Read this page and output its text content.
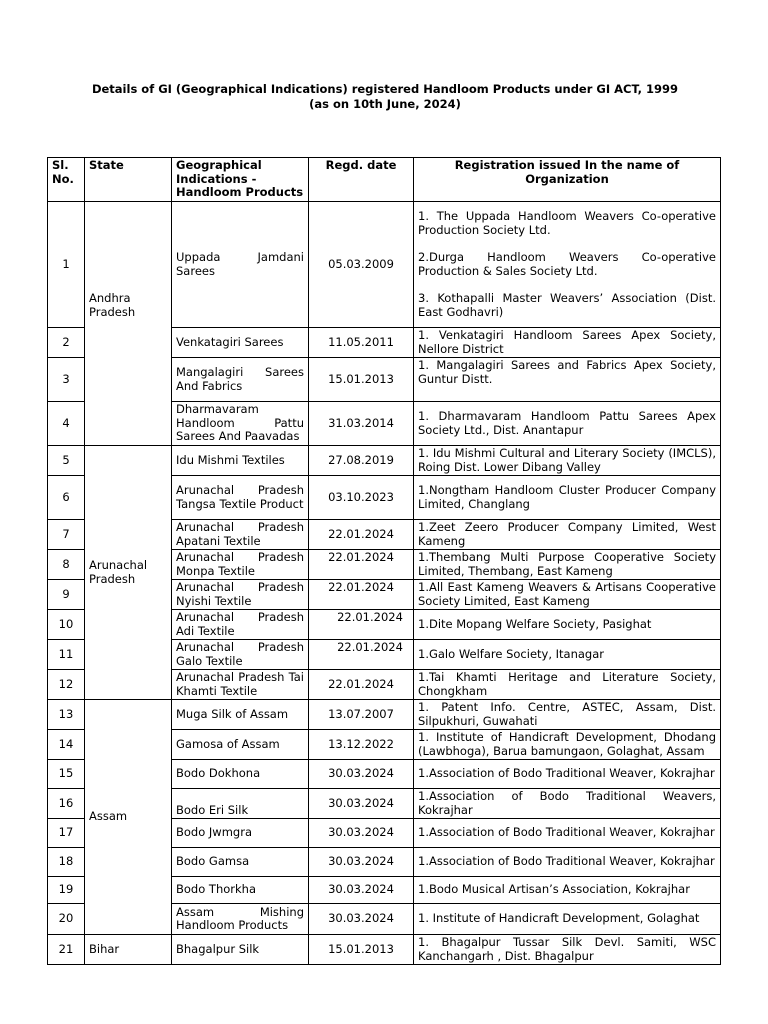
Details of GI (Geographical Indications) registered Handloom Products under GI ACT, 1999
(as on 10th June, 2024)
Sl. No.	State	Geographical Indications - Handloom Products	Regd. date	Registration issued In the name of Organization
1	Andhra Pradesh	Uppada Jamdani Sarees	05.03.2009	1. The Uppada Handloom Weavers Co-operative Production Society Ltd.

2.Durga Handloom Weavers Co-operative Production & Sales Society Ltd.

3. Kothapalli Master Weavers’ Association (Dist. East Godhavri)

2		Venkatagiri Sarees	11.05.2011	1. Venkatagiri Handloom Sarees Apex Society, Nellore District
3		Mangalagiri Sarees And Fabrics	15.01.2013	1. Mangalagiri Sarees and Fabrics Apex Society, Guntur Distt.
4		Dharmavaram Handloom Pattu Sarees And Paavadas	31.03.2014	1. Dharmavaram Handloom Pattu Sarees Apex Society Ltd., Dist. Anantapur
5	Arunachal Pradesh	Idu Mishmi Textiles	27.08.2019	1. Idu Mishmi Cultural and Literary Society (IMCLS), Roing Dist. Lower Dibang Valley
6		Arunachal Pradesh Tangsa Textile Product	03.10.2023	1.Nongtham Handloom Cluster Producer Company Limited, Changlang
7		Arunachal Pradesh Apatani Textile	22.01.2024	1.Zeet Zeero Producer Company Limited, West Kameng
8		Arunachal Pradesh Monpa Textile	22.01.2024	1.Thembang Multi Purpose Cooperative Society Limited, Thembang, East Kameng
9		Arunachal Pradesh Nyishi Textile	22.01.2024	1.All East Kameng Weavers & Artisans Cooperative Society Limited, East Kameng
10		Arunachal Pradesh Adi Textile	22.01.2024	1.Dite Mopang Welfare Society, Pasighat
11		Arunachal Pradesh Galo Textile	22.01.2024	1.Galo Welfare Society, Itanagar
12		Arunachal Pradesh Tai Khamti Textile	22.01.2024	1.Tai Khamti Heritage and Literature Society, Chongkham
13	Assam	Muga Silk of Assam	13.07.2007	1. Patent Info. Centre, ASTEC, Assam, Dist. Silpukhuri, Guwahati
14		Gamosa of Assam	13.12.2022	1. Institute of Handicraft Development, Dhodang (Lawbhoga), Barua bamungaon, Golaghat, Assam
15		Bodo Dokhona	30.03.2024	1.Association of Bodo Traditional Weaver, Kokrajhar
16		Bodo Eri Silk	30.03.2024	1.Association of Bodo Traditional Weavers, Kokrajhar
17		Bodo Jwmgra	30.03.2024	1.Association of Bodo Traditional Weaver, Kokrajhar
18		Bodo Gamsa	30.03.2024	1.Association of Bodo Traditional Weaver, Kokrajhar
19		Bodo Thorkha	30.03.2024	1.Bodo Musical Artisan’s Association, Kokrajhar
20		Assam Mishing Handloom Products	30.03.2024	1. Institute of Handicraft Development, Golaghat
21	Bihar	Bhagalpur Silk	15.01.2013	1. Bhagalpur Tussar Silk Devl. Samiti, WSC Kanchangarh , Dist. Bhagalpur
